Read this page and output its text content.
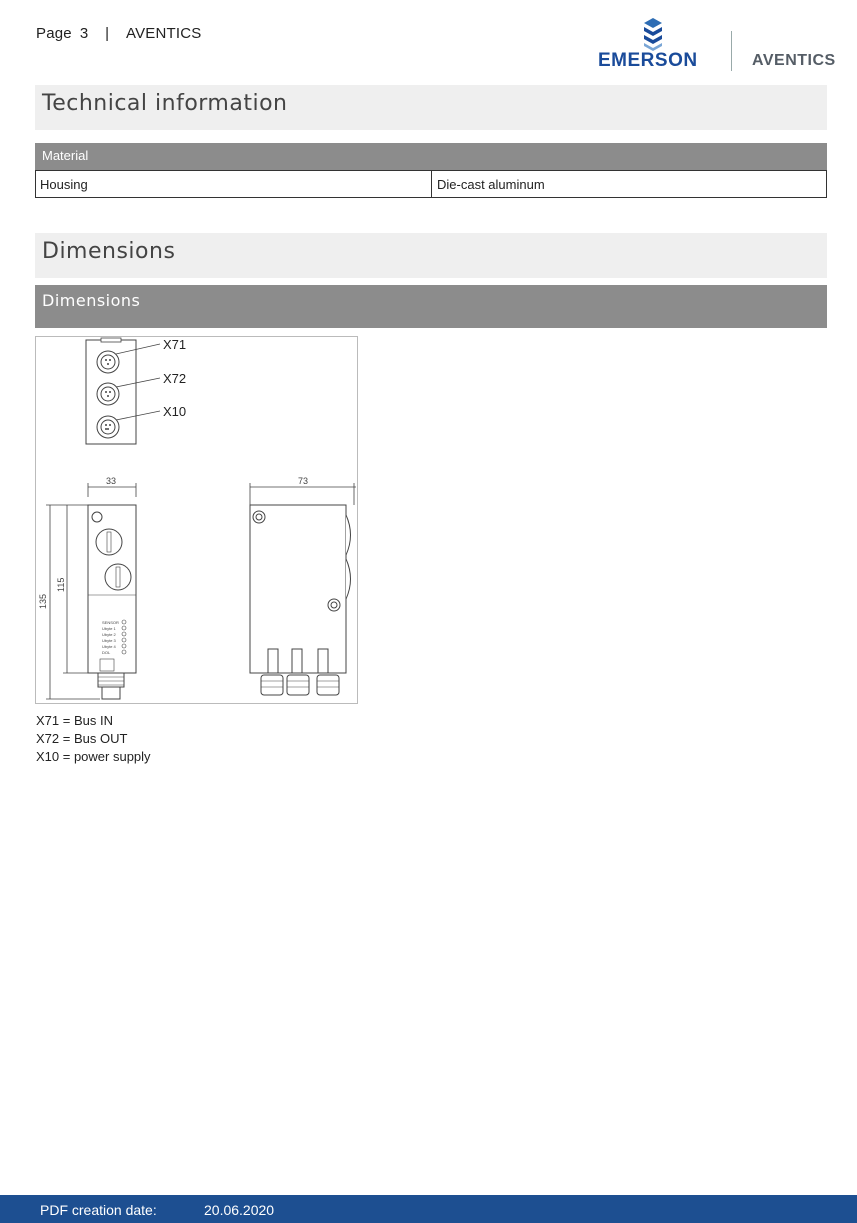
Page 3 | AVENTICS
EMERSON	AVENTICS
Technical information
Material
Housing	Die-cast aluminum
Dimensions
Dimensions
X71
X72
X10
33
SENSOR
Ubyte 1
Ubyte 2
Ubyte 3
Ubyte 4
DOL
135
115
73
X71 = Bus IN
X72 = Bus OUT
X10 = power supply
PDF creation date:	20.06.2020
